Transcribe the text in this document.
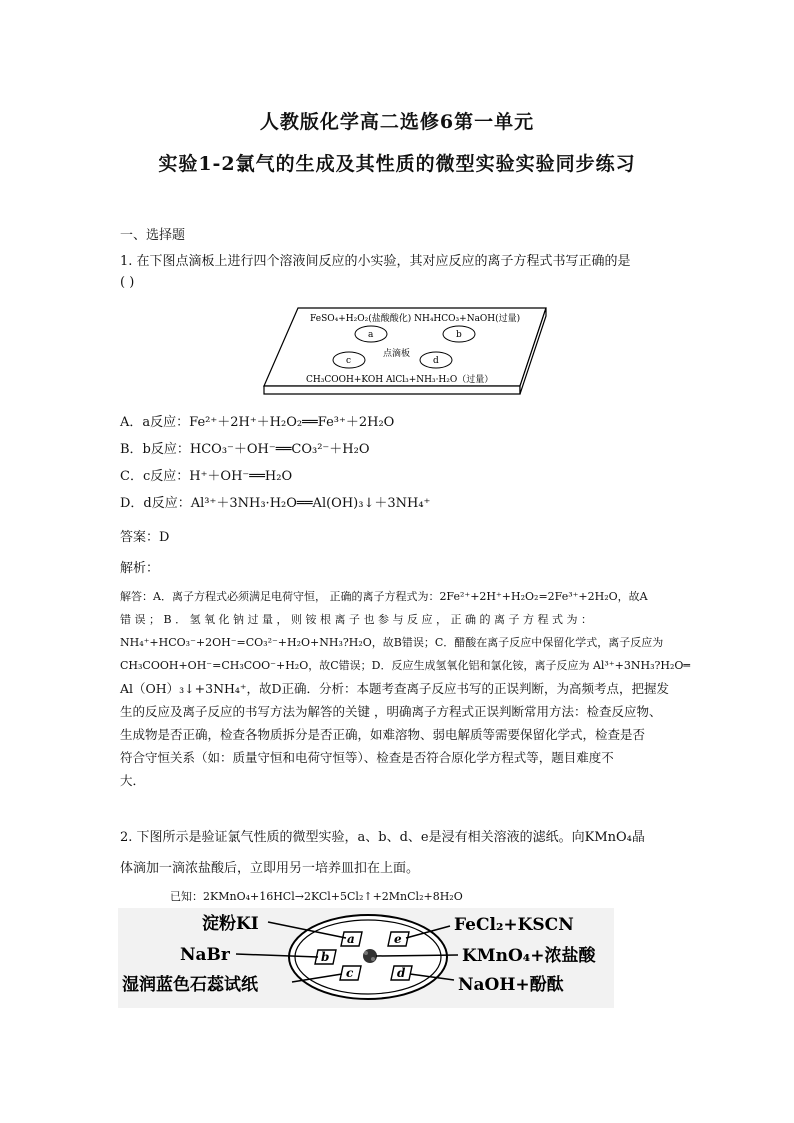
人教版化学高二选修6第一单元
实验1-2氯气的生成及其性质的微型实验实验同步练习
一、选择题
1. 在下图点滴板上进行四个溶液间反应的小实验，其对应反应的离子方程式书写正确的是
( )
FeSO₄+H₂O₂(盐酸酸化) NH₄HCO₃+NaOH(过量)
a	b
点滴板
c	d
CH₃COOH+KOH AlCl₃+NH₃·H₂O（过量）
A．a反应：Fe²⁺＋2H⁺＋H₂O₂══Fe³⁺＋2H₂O
B．b反应：HCO₃⁻＋OH⁻══CO₃²⁻＋H₂O
C．c反应：H⁺＋OH⁻══H₂O
D．d反应：Al³⁺＋3NH₃·H₂O══Al(OH)₃↓＋3NH₄⁺
答案：D
解析：
解答：A．离子方程式必须满足电荷守恒， 正确的离子方程式为：2Fe²⁺+2H⁺+H₂O₂=2Fe³⁺+2H₂O，故A
错 误 ； B ． 氢 氧 化 钠 过 量 ， 则 铵 根 离 子 也 参 与 反 应 ， 正 确 的 离 子 方 程 式 为 ：
NH₄⁺+HCO₃⁻+2OH⁻=CO₃²⁻+H₂O+NH₃?H₂O，故B错误；C．醋酸在离子反应中保留化学式，离子反应为
CH₃COOH+OH⁻=CH₃COO⁻+H₂O，故C错误；D．反应生成氢氧化铝和氯化铵，离子反应为 Al³⁺+3NH₃?H₂O═
Al（OH）₃↓+3NH₄⁺，故D正确．分析：本题考查离子反应书写的正误判断，为高频考点，把握发
生的反应及离子反应的书写方法为解答的关键 ，明确离子方程式正误判断常用方法：检查反应物、
生成物是否正确，检查各物质拆分是否正确，如难溶物、弱电解质等需要保留化学式，检查是否
符合守恒关系（如：质量守恒和电荷守恒等）、检查是否符合原化学方程式等，题目难度不
大．
2. 下图所示是验证氯气性质的微型实验，a、b、d、e是浸有相关溶液的滤纸。向KMnO₄晶
体滴加一滴浓盐酸后，立即用另一培养皿扣在上面。
已知：2KMnO₄+16HCl→2KCl+5Cl₂↑+2MnCl₂+8H₂O
a
b
c
e
d
淀粉KI
NaBr
湿润蓝色石蕊试纸
FeCl₂+KSCN
KMnO₄+浓盐酸
NaOH+酚酞
